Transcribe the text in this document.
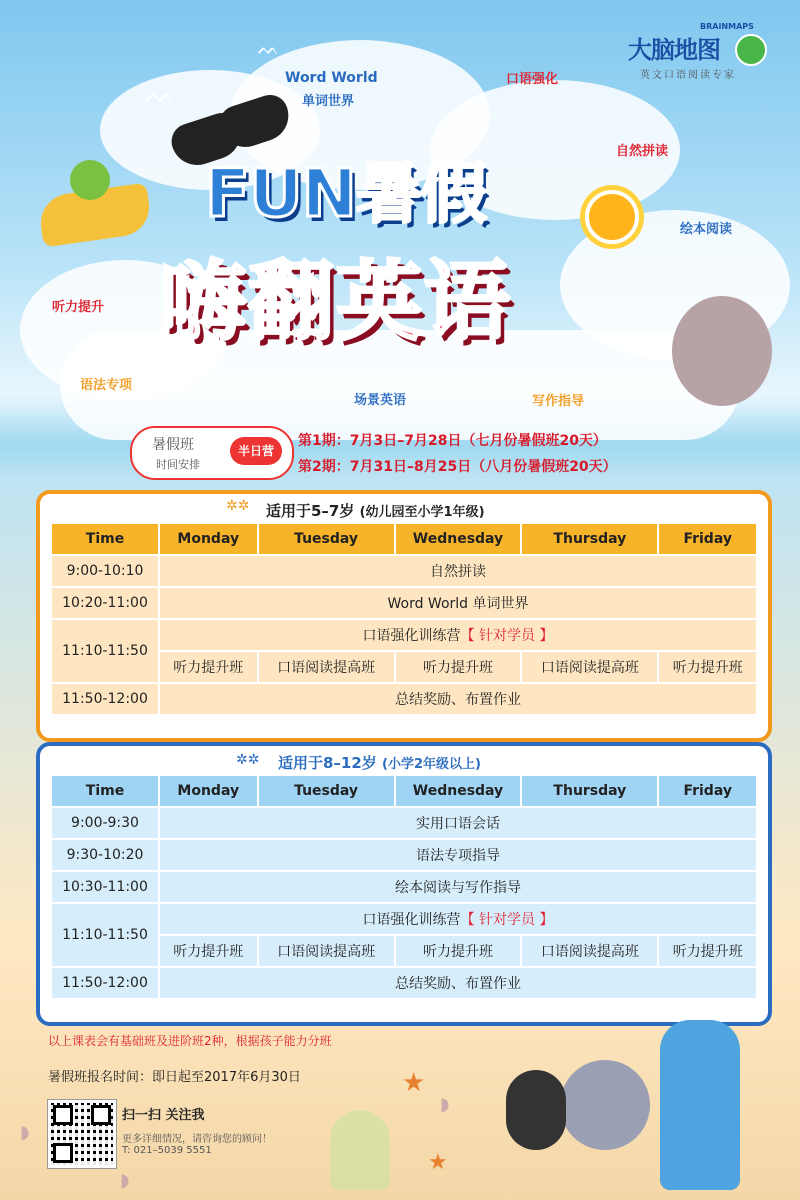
ᨓ
ᨓ
BRAINMAPS
大脑地图
英文口语阅读专家
Word World
单词世界
口语强化
自然拼读
绘本阅读
听力提升
语法专项
场景英语	写作指导
FUN暑假
嗨翻英语
暑假班
时间安排
半日营
第1期：7月3日–7月28日（七月份暑假班20天）
第2期：7月31日–8月25日（八月份暑假班20天）
✲✲ 适用于5–7岁 (幼儿园至小学1年级)
Time	Monday	Tuesday	Wednesday	Thursday	Friday
9:00-10:10	自然拼读				
10:20-11:00	Word World 单词世界				
11:10-11:50	口语强化训练营【 针对学员 】				
	听力提升班	口语阅读提高班	听力提升班	口语阅读提高班	听力提升班
11:50-12:00	总结奖励、布置作业				
✲✲ 适用于8–12岁 (小学2年级以上)
Time	Monday	Tuesday	Wednesday	Thursday	Friday
9:00-9:30	实用口语会话				
9:30-10:20	语法专项指导				
10:30-11:00	绘本阅读与写作指导				
11:10-11:50	口语强化训练营【 针对学员 】				
	听力提升班	口语阅读提高班	听力提升班	口语阅读提高班	听力提升班
11:50-12:00	总结奖励、布置作业				
以上课表会有基础班及进阶班2种，根据孩子能力分班
暑假班报名时间：即日起至2017年6月30日
扫一扫 关注我
更多详细情况，请咨询您的顾问！
T: 021–5039 5551
★
★
◗
◗
◗
